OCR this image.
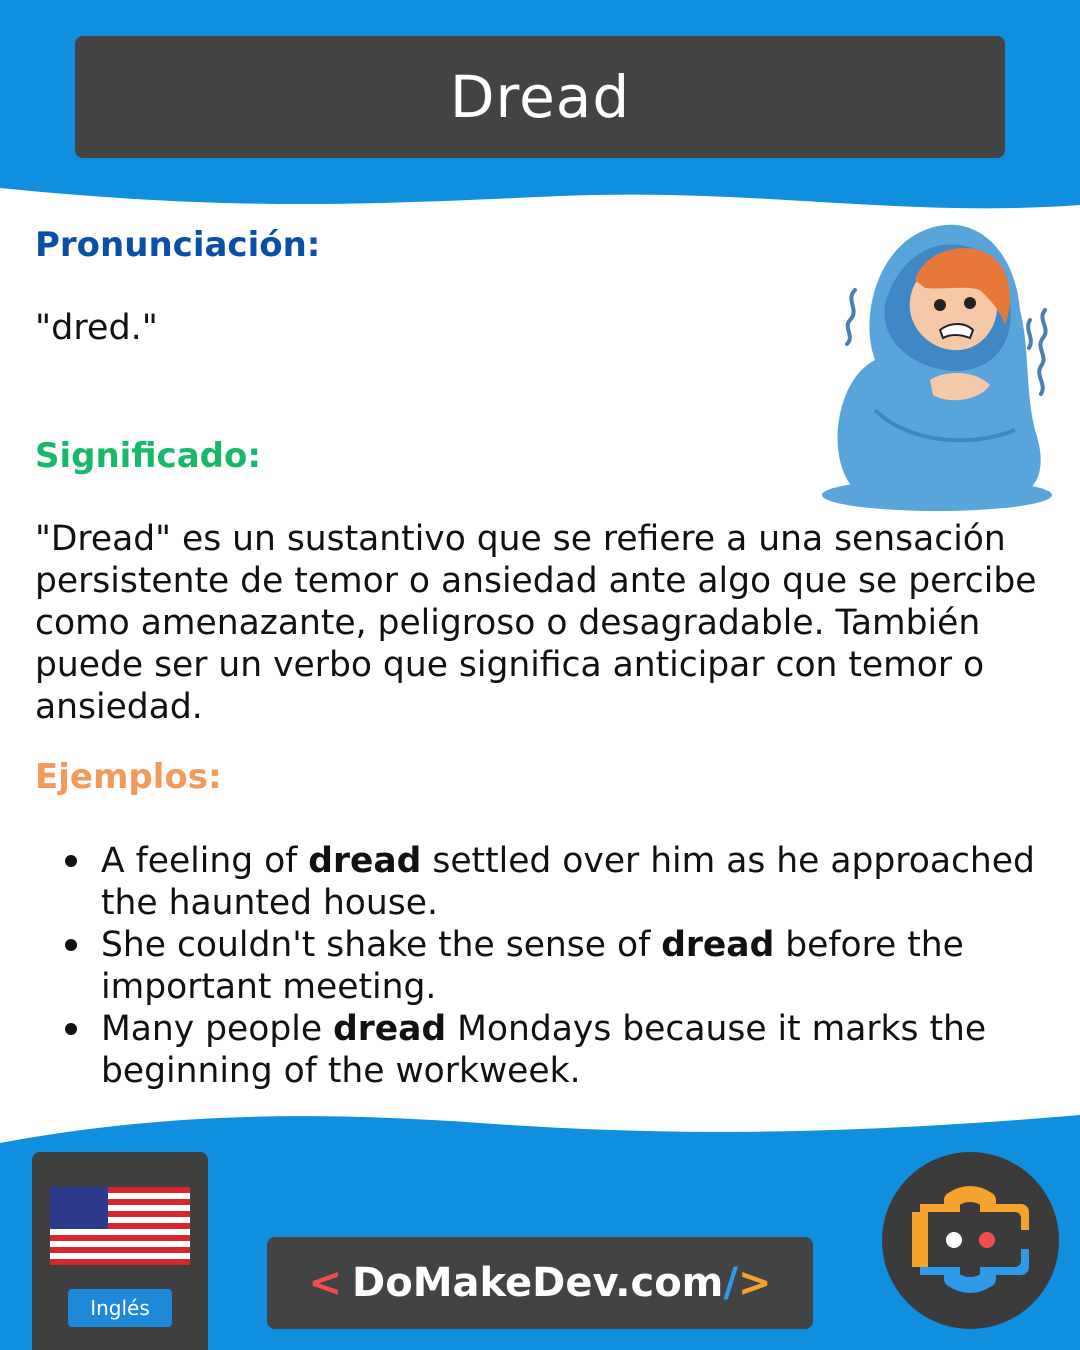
Dread
Pronunciación:
"dred."
Significado:

"Dread" es un sustantivo que se refiere a una sensación persistente de temor o ansiedad ante algo que se percibe como amenazante, peligroso o desagradable. También puede ser un verbo que significa anticipar con temor o ansiedad.

Ejemplos:
A feeling of dread settled over him as he approached the haunted house.
She couldn't shake the sense of dread before the important meeting.
Many people dread Mondays because it marks the beginning of the workweek.
Inglés
< DoMakeDev.com / >
